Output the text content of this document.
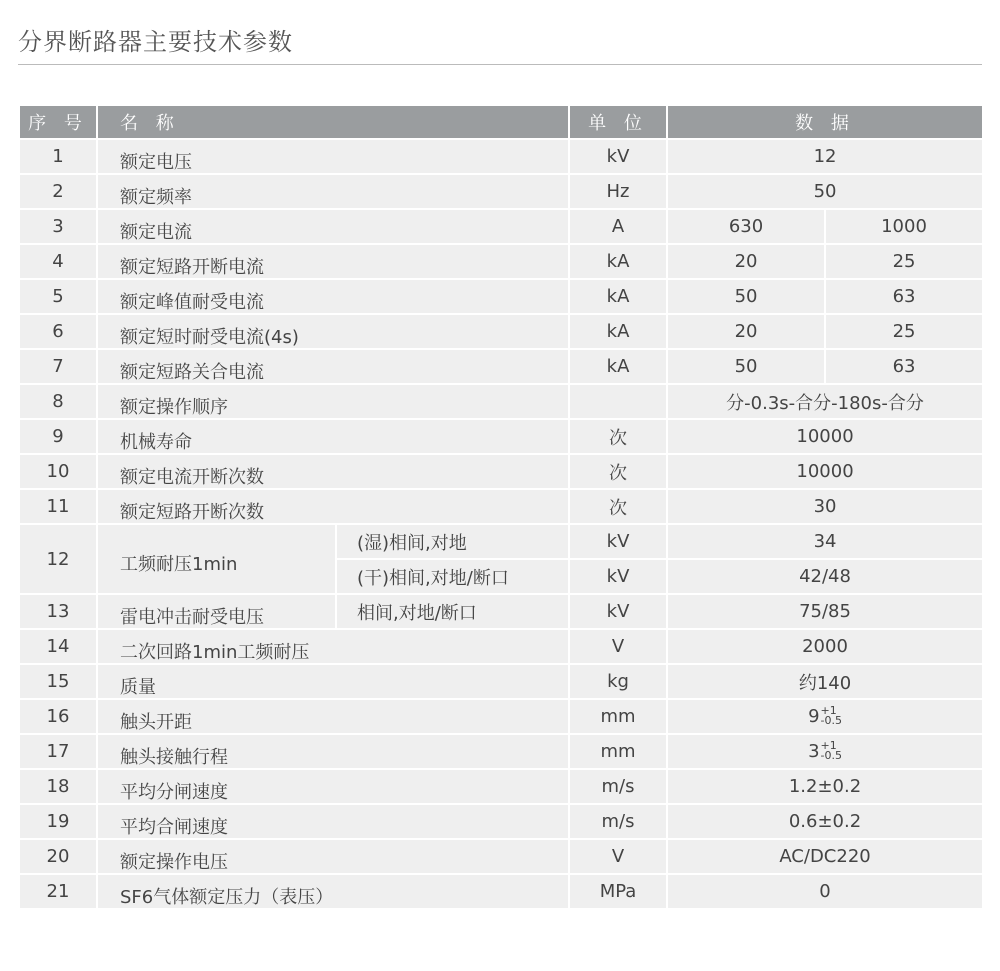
分界断路器主要技术参数
序 号	名 称		单 位	数 据	
1	额定电压		kV	12	
2	额定频率		Hz	50	
3	额定电流		A	630	1000
4	额定短路开断电流		kA	20	25
5	额定峰值耐受电流		kA	50	63
6	额定短时耐受电流(4s)		kA	20	25
7	额定短路关合电流		kA	50	63
8	额定操作顺序			分-0.3s-合分-180s-合分	
9	机械寿命		次	10000	
10	额定电流开断次数		次	10000	
11	额定短路开断次数		次	30	
12	工频耐压1min	(湿)相间,对地	kV	34	
		(干)相间,对地/断口	kV	42/48	
13	雷电冲击耐受电压	相间,对地/断口	kV	75/85	
14	二次回路1min工频耐压		V	2000	
15	质量		kg	约140	
16	触头开距		mm	$9^{+1 -0.5}$
17	触头接触行程		mm	$3^{+1 -0.5}$
18	平均分闸速度		m/s	1.2±0.2	
19	平均合闸速度		m/s	0.6±0.2	
20	额定操作电压		V	AC/DC220	
21	SF6气体额定压力（表压）		MPa	0	
